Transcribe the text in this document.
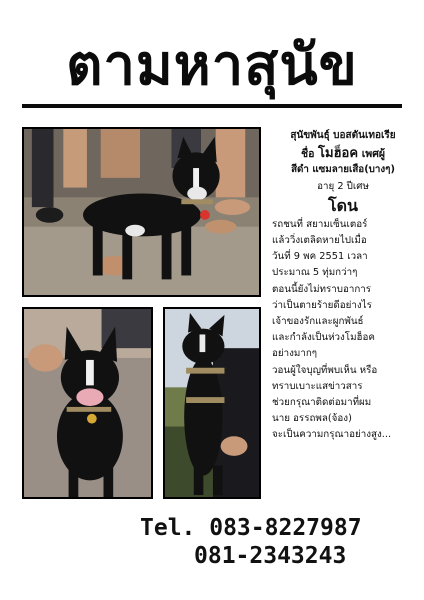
ตามหาสุนัข
สุนัขพันธุ์ บอสตันเทอเรีย
ชื่อ โมฮ็อค เพศผู้
สีดำ แซมลายเสือ(บางๆ)
อายุ 2 ปีเศษ
โดน
รถชนที่ สยามเซ็นเตอร์
แล้ววิ่งเตลิดหายไปเมื่อ
วันที่ 9 พค 2551 เวลา
ประมาณ 5 ทุ่มกว่าๆ
ตอนนี้ยังไม่ทราบอาการ
ว่าเป็นตายร้ายดีอย่างไร
เจ้าของรักและผูกพันธ์
และกำลังเป็นห่วงโมฮ็อค
อย่างมากๆ
วอนผู้ใจบุญที่พบเห็น หรือ
ทราบเบาะแสข่าวสาร
ช่วยกรุณาติดต่อมาที่ผม
นาย อรรถพล(จ้อง)
จะเป็นความกรุณาอย่างสูง...
Tel. 083-8227987
081-2343243
